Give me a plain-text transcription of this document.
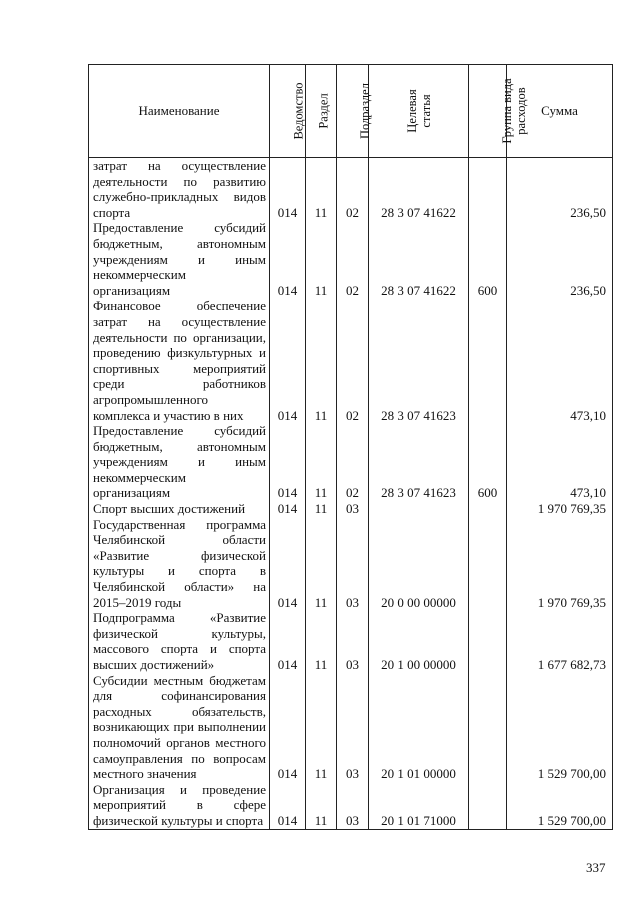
Наименование	Ведомство	Раздел	Подраздел	Целевая статья	Группа вида расходов	Сумма
затрат на осуществление деятельности по развитию служебно-прикладных видов спорта	014	11	02	28 3 07 41622		236,50
Предоставление субсидий бюджетным, автономным учреждениям и иным некоммерческим организациям	014	11	02	28 3 07 41622	600	236,50
Финансовое обеспечение затрат на осуществление деятельности по организации, проведению физкультурных и спортивных мероприятий среди работников агропромышленного комплекса и участию в них	014	11	02	28 3 07 41623		473,10
Предоставление субсидий бюджетным, автономным учреждениям и иным некоммерческим организациям	014	11	02	28 3 07 41623	600	473,10
Спорт высших достижений	014	11	03			1 970 769,35
Государственная программа Челябинской области «Развитие физической культуры и спорта в Челябинской области» на 2015–2019 годы	014	11	03	20 0 00 00000		1 970 769,35
Подпрограмма «Развитие физической культуры, массового спорта и спорта высших достижений»	014	11	03	20 1 00 00000		1 677 682,73
Субсидии местным бюджетам для софинансирования расходных обязательств, возникающих при выполнении полномочий органов местного самоуправления по вопросам местного значения	014	11	03	20 1 01 00000		1 529 700,00
Организация и проведение мероприятий в сфере физической культуры и спорта	014	11	03	20 1 01 71000		1 529 700,00
337
